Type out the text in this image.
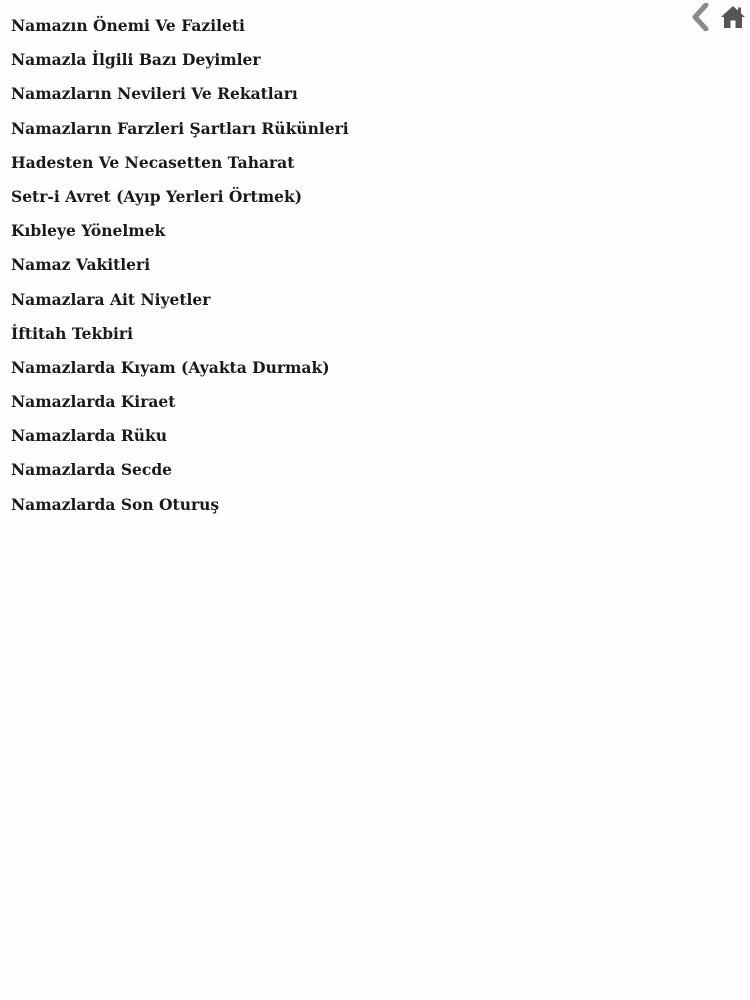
Namazın Önemi Ve Fazileti
Namazla İlgili Bazı Deyimler
Namazların Nevileri Ve Rekatları
Namazların Farzleri Şartları Rükünleri
Hadesten Ve Necasetten Taharat
Setr-i Avret (Ayıp Yerleri Örtmek)
Kıbleye Yönelmek
Namaz Vakitleri
Namazlara Ait Niyetler
İftitah Tekbiri
Namazlarda Kıyam (Ayakta Durmak)
Namazlarda Kiraet
Namazlarda Rüku
Namazlarda Secde
Namazlarda Son Oturuş
